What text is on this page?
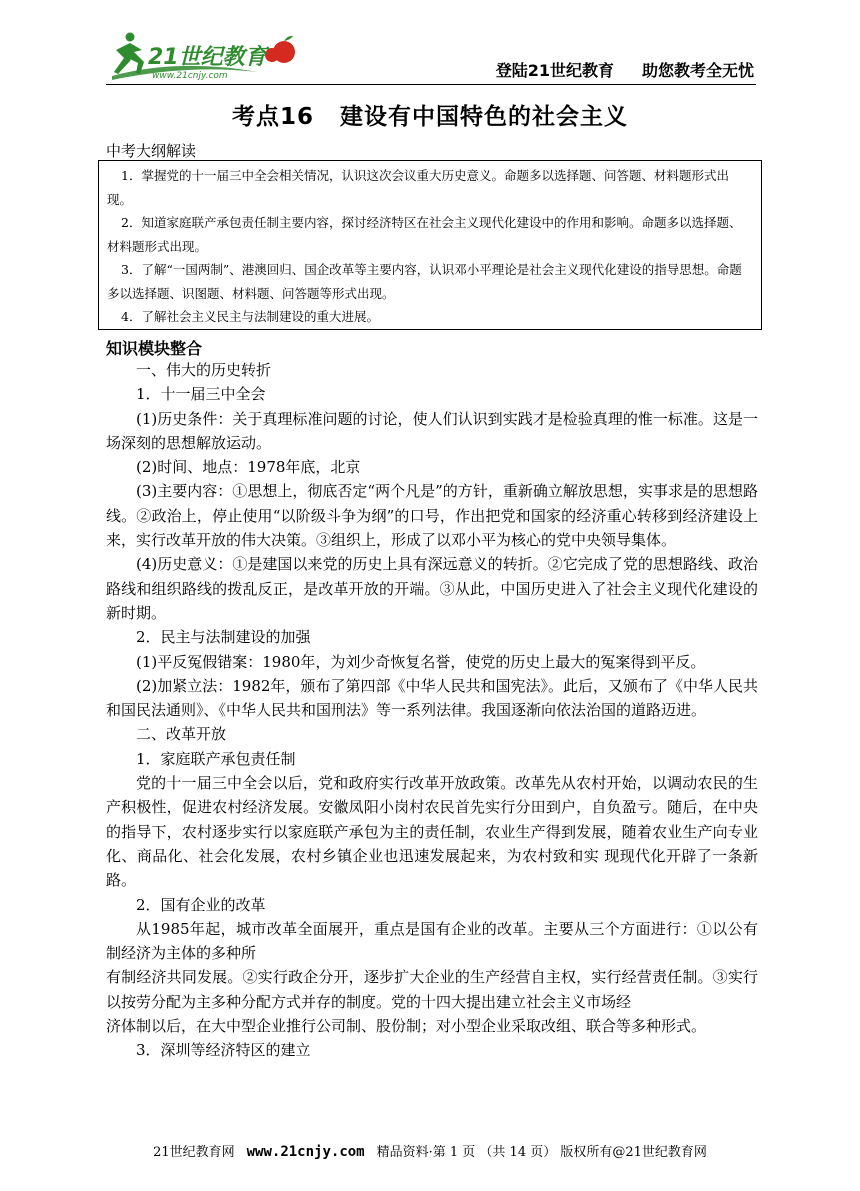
21世纪教育
www.21cnjy.com	登陆21世纪教育 助您教考全无忧
考点16 建设有中国特色的社会主义
中考大纲解读

1．掌握党的十一届三中全会相关情况，认识这次会议重大历史意义。命题多以选择题、问答题、材料题形式出现。

2．知道家庭联产承包责任制主要内容，探讨经济特区在社会主义现代化建设中的作用和影响。命题多以选择题、材料题形式出现。

3．了解“一国两制”、港澳回归、国企改革等主要内容，认识邓小平理论是社会主义现代化建设的指导思想。命题多以选择题、识图题、材料题、问答题等形式出现。

4．了解社会主义民主与法制建设的重大进展。

知识模块整合

一、伟大的历史转折

1．十一届三中全会

(1)历史条件：关于真理标准问题的讨论，使人们认识到实践才是检验真理的惟一标准。这是一场深刻的思想解放运动。

(2)时间、地点：1978年底，北京

(3)主要内容：①思想上，彻底否定“两个凡是”的方针，重新确立解放思想，实事求是的思想路线。②政治上，停止使用“以阶级斗争为纲”的口号，作出把党和国家的经济重心转移到经济建设上来，实行改革开放的伟大决策。③组织上，形成了以邓小平为核心的党中央领导集体。

(4)历史意义：①是建国以来党的历史上具有深远意义的转折。②它完成了党的思想路线、政治路线和组织路线的拨乱反正，是改革开放的开端。③从此，中国历史进入了社会主义现代化建设的新时期。

2．民主与法制建设的加强

(1)平反冤假错案：1980年，为刘少奇恢复名誉，使党的历史上最大的冤案得到平反。

(2)加紧立法：1982年，颁布了第四部《中华人民共和国宪法》。此后，又颁布了《中华人民共和国民法通则》、《中华人民共和国刑法》等一系列法律。我国逐渐向依法治国的道路迈进。

二、改革开放

1．家庭联产承包责任制

党的十一届三中全会以后，党和政府实行改革开放政策。改革先从农村开始，以调动农民的生产积极性，促进农村经济发展。安徽凤阳小岗村农民首先实行分田到户，自负盈亏。随后，在中央的指导下，农村逐步实行以家庭联产承包为主的责任制，农业生产得到发展，随着农业生产向专业化、商品化、社会化发展，农村乡镇企业也迅速发展起来，为农村致和实 现现代化开辟了一条新路。

2．国有企业的改革

从1985年起，城市改革全面展开，重点是国有企业的改革。主要从三个方面进行：①以公有制经济为主体的多种所

有制经济共同发展。②实行政企分开，逐步扩大企业的生产经营自主权，实行经营责任制。③实行以按劳分配为主多种分配方式并存的制度。党的十四大提出建立社会主义市场经

济体制以后，在大中型企业推行公司制、股份制；对小型企业采取改组、联合等多种形式。

3．深圳等经济特区的建立

21世纪教育网 www.21cnjy.com 精品资料·第 1 页 （共 14 页） 版权所有@21世纪教育网
